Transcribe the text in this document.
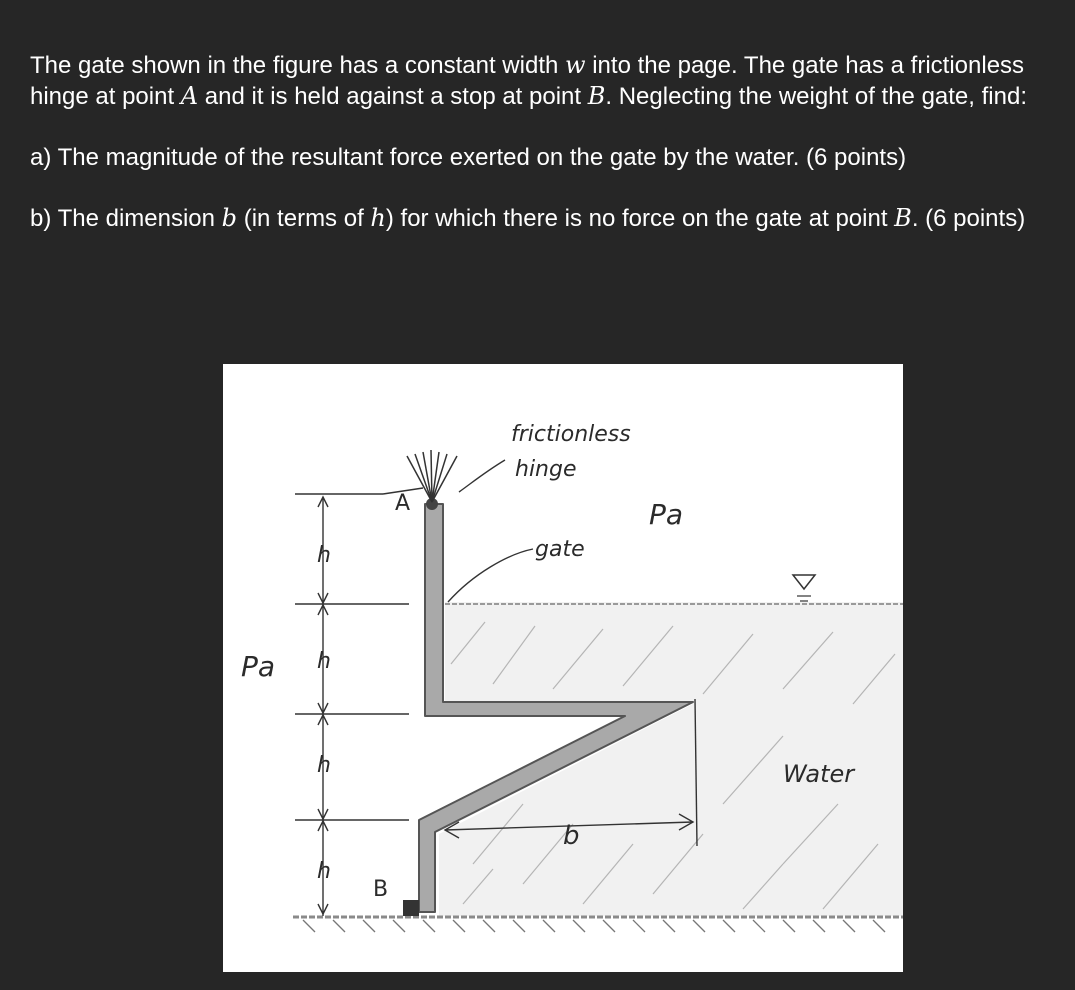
The gate shown in the figure has a constant width w into the page. The gate has a frictionless hinge at point A and it is held against a stop at point B. Neglecting the weight of the gate, find:

a) The magnitude of the resultant force exerted on the gate by the water. (6 points)

b) The dimension b (in terms of h) for which there is no force on the gate at point B. (6 points)

frictionless
hinge
gate
Pa
Pa
A
B
Water
b
h
h
h
h
